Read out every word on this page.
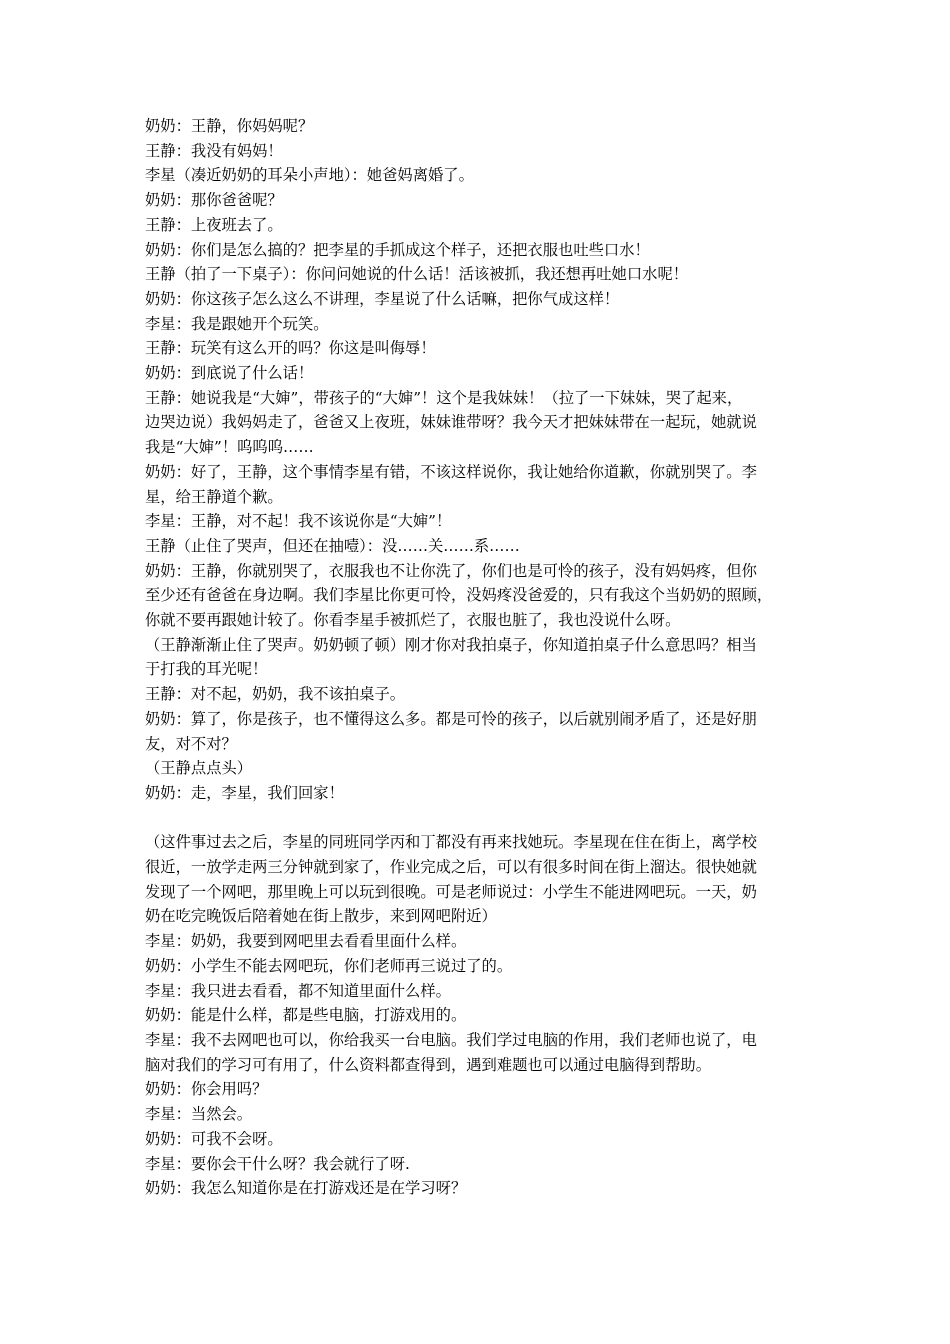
奶奶：王静，你妈妈呢？
王静：我没有妈妈！
李星（凑近奶奶的耳朵小声地）：她爸妈离婚了。
奶奶：那你爸爸呢？
王静：上夜班去了。
奶奶：你们是怎么搞的？把李星的手抓成这个样子，还把衣服也吐些口水！
王静（拍了一下桌子）：你问问她说的什么话！活该被抓，我还想再吐她口水呢！
奶奶：你这孩子怎么这么不讲理，李星说了什么话嘛，把你气成这样！
李星：我是跟她开个玩笑。
王静：玩笑有这么开的吗？你这是叫侮辱！
奶奶：到底说了什么话！
王静：她说我是“大婶”，带孩子的“大婶”！这个是我妹妹！（拉了一下妹妹，哭了起来，
边哭边说）我妈妈走了，爸爸又上夜班，妹妹谁带呀？我今天才把妹妹带在一起玩，她就说
我是“大婶”！呜呜呜……
奶奶：好了，王静，这个事情李星有错，不该这样说你，我让她给你道歉，你就别哭了。李
星，给王静道个歉。
李星：王静，对不起！我不该说你是“大婶”！
王静（止住了哭声，但还在抽噎）：没……关……系……
奶奶：王静，你就别哭了，衣服我也不让你洗了，你们也是可怜的孩子，没有妈妈疼，但你
至少还有爸爸在身边啊。我们李星比你更可怜，没妈疼没爸爱的，只有我这个当奶奶的照顾，
你就不要再跟她计较了。你看李星手被抓烂了，衣服也脏了，我也没说什么呀。
（王静渐渐止住了哭声。奶奶顿了顿）刚才你对我拍桌子，你知道拍桌子什么意思吗？相当
于打我的耳光呢！
王静：对不起，奶奶，我不该拍桌子。
奶奶：算了，你是孩子，也不懂得这么多。都是可怜的孩子，以后就别闹矛盾了，还是好朋
友，对不对？
（王静点点头）
奶奶：走，李星，我们回家！
（这件事过去之后，李星的同班同学丙和丁都没有再来找她玩。李星现在住在街上，离学校
很近，一放学走两三分钟就到家了，作业完成之后，可以有很多时间在街上溜达。很快她就
发现了一个网吧，那里晚上可以玩到很晚。可是老师说过：小学生不能进网吧玩。一天，奶
奶在吃完晚饭后陪着她在街上散步，来到网吧附近）
李星：奶奶，我要到网吧里去看看里面什么样。
奶奶：小学生不能去网吧玩，你们老师再三说过了的。
李星：我只进去看看，都不知道里面什么样。
奶奶：能是什么样，都是些电脑，打游戏用的。
李星：我不去网吧也可以，你给我买一台电脑。我们学过电脑的作用，我们老师也说了，电
脑对我们的学习可有用了，什么资料都查得到，遇到难题也可以通过电脑得到帮助。
奶奶：你会用吗？
李星：当然会。
奶奶：可我不会呀。
李星：要你会干什么呀？我会就行了呀.
奶奶：我怎么知道你是在打游戏还是在学习呀？
